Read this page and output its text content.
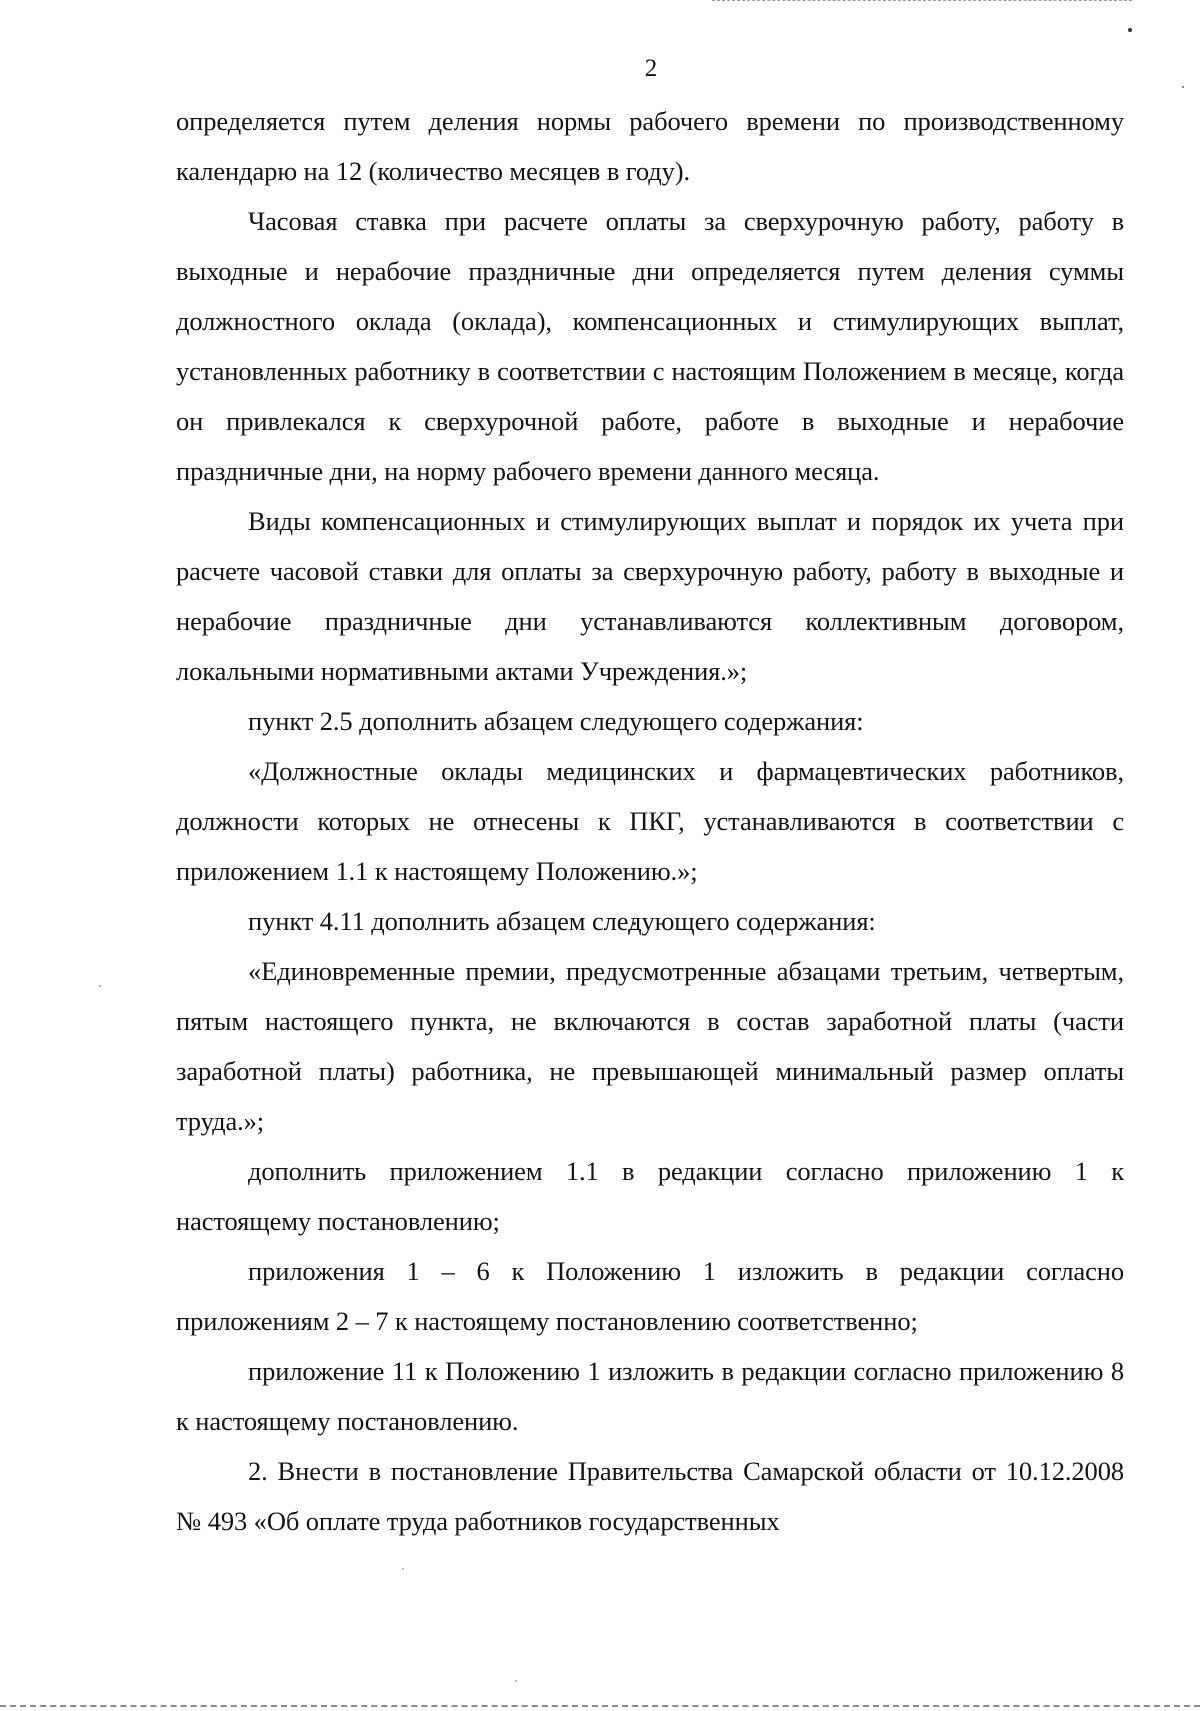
2

определяется путем деления нормы рабочего времени по производственному календарю на 12 (количество месяцев в году).

Часовая ставка при расчете оплаты за сверхурочную работу, работу в выходные и нерабочие праздничные дни определяется путем деления суммы должностного оклада (оклада), компенсационных и стимулирующих выплат, установленных работнику в соответствии с настоящим Положением в месяце, когда он привлекался к сверхурочной работе, работе в выходные и нерабочие праздничные дни, на норму рабочего времени данного месяца.

Виды компенсационных и стимулирующих выплат и порядок их учета при расчете часовой ставки для оплаты за сверхурочную работу, работу в выходные и нерабочие праздничные дни устанавливаются коллективным договором, локальными нормативными актами Учреждения.»;

пункт 2.5 дополнить абзацем следующего содержания:

«Должностные оклады медицинских и фармацевтических работников, должности которых не отнесены к ПКГ, устанавливаются в соответствии с приложением 1.1 к настоящему Положению.»;

пункт 4.11 дополнить абзацем следующего содержания:

«Единовременные премии, предусмотренные абзацами третьим, четвертым, пятым настоящего пункта, не включаются в состав заработной платы (части заработной платы) работника, не превышающей минимальный размер оплаты труда.»;

дополнить приложением 1.1 в редакции согласно приложению 1 к настоящему постановлению;

приложения 1 – 6 к Положению 1 изложить в редакции согласно приложениям 2 – 7 к настоящему постановлению соответственно;

приложение 11 к Положению 1 изложить в редакции согласно приложению 8 к настоящему постановлению.

2. Внести в постановление Правительства Самарской области от 10.12.2008 № 493 «Об оплате труда работников государственных
